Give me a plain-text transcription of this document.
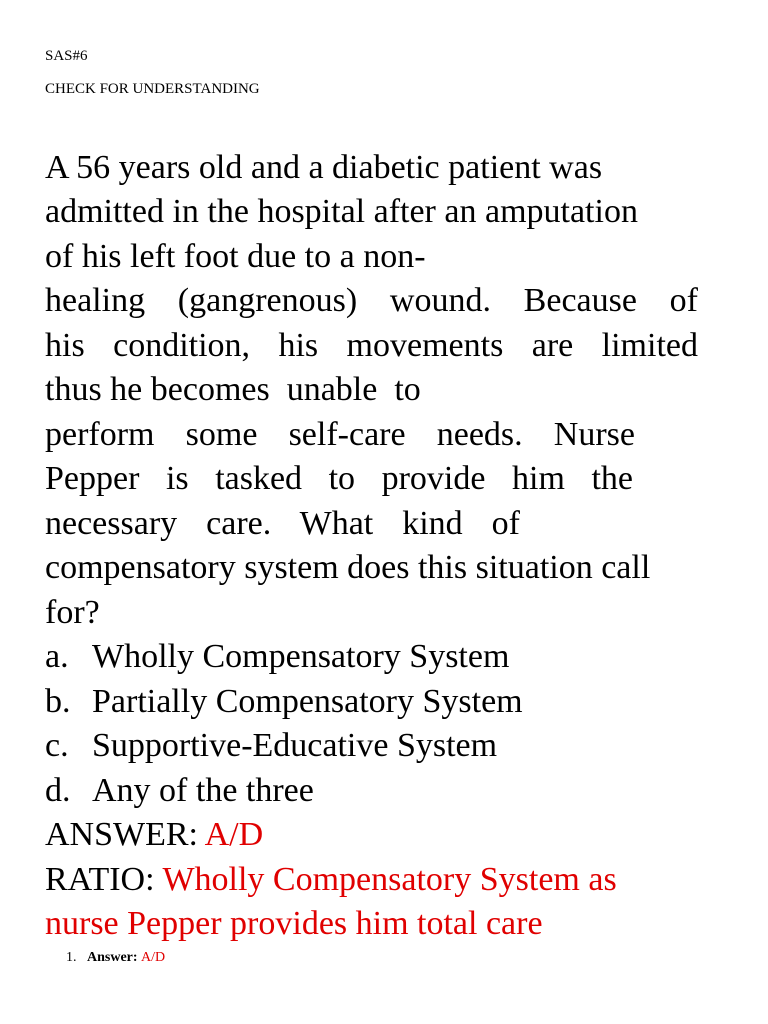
SAS#6
CHECK FOR UNDERSTANDING
A 56 years old and a diabetic patient was
admitted in the hospital after an amputation
of his left foot due to a non-
healing (gangrenous) wound. Because of
his condition, his movements are limited
thus he becomes  unable  to
perform some self-care needs. Nurse
Pepper is tasked to provide him the
necessary care. What kind of
compensatory system does this situation call
for?
a. Wholly Compensatory System
b. Partially Compensatory System
c. Supportive-Educative System
d. Any of the three
ANSWER: A/D
RATIO: Wholly Compensatory System as
nurse Pepper provides him total care
1. Answer: A/D
